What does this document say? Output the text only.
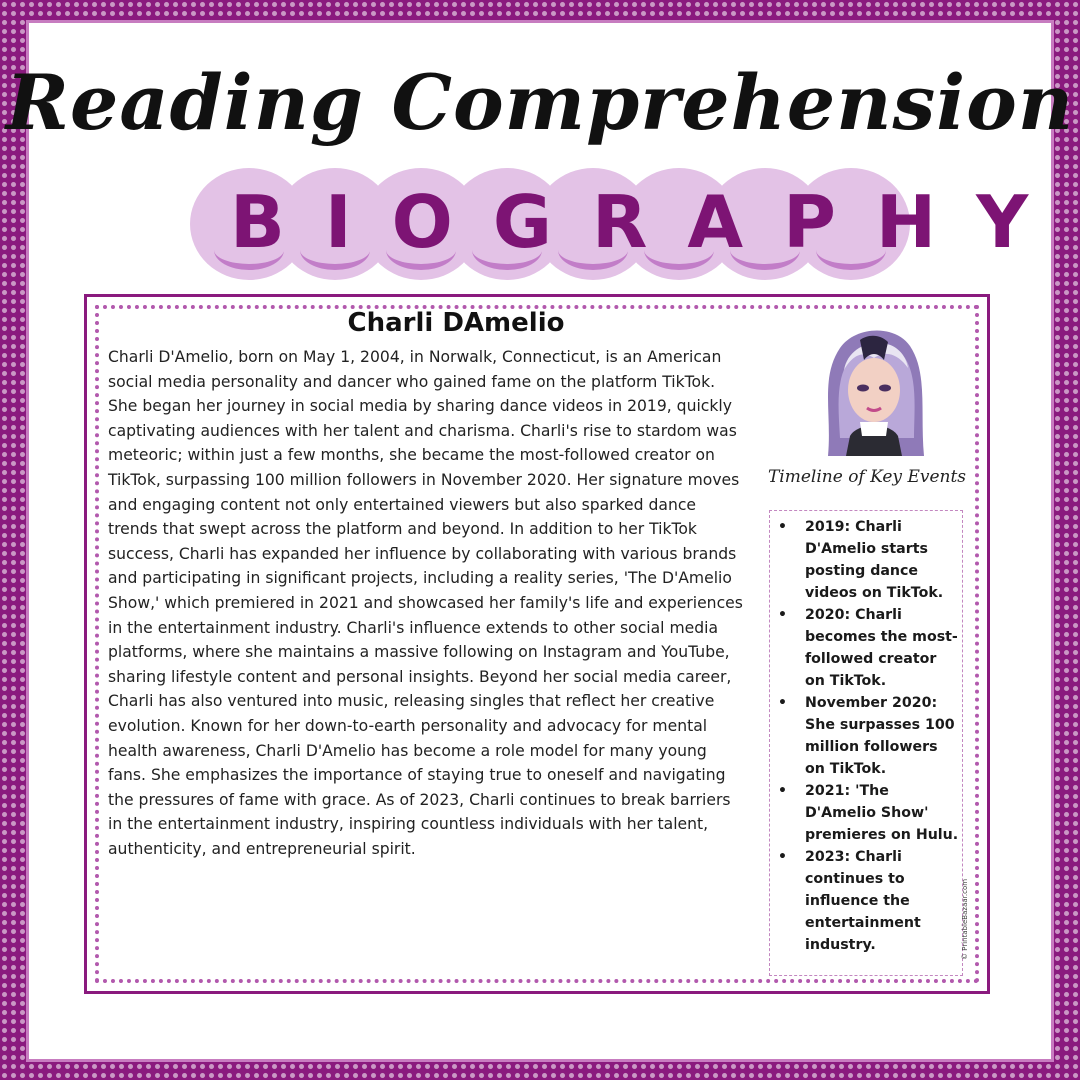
Reading Comprehension
BIOGRAPHY
Charli DAmelio

Charli D'Amelio, born on May 1, 2004, in Norwalk, Connecticut, is an American social media personality and dancer who gained fame on the platform TikTok. She began her journey in social media by sharing dance videos in 2019, quickly captivating audiences with her talent and charisma. Charli's rise to stardom was meteoric; within just a few months, she became the most-followed creator on TikTok, surpassing 100 million followers in November 2020. Her signature moves and engaging content not only entertained viewers but also sparked dance trends that swept across the platform and beyond. In addition to her TikTok success, Charli has expanded her influence by collaborating with various brands and participating in significant projects, including a reality series, 'The D'Amelio Show,' which premiered in 2021 and showcased her family's life and experiences in the entertainment industry. Charli's influence extends to other social media platforms, where she maintains a massive following on Instagram and YouTube, sharing lifestyle content and personal insights. Beyond her social media career, Charli has also ventured into music, releasing singles that reflect her creative evolution. Known for her down-to-earth personality and advocacy for mental health awareness, Charli D'Amelio has become a role model for many young fans. She emphasizes the importance of staying true to oneself and navigating the pressures of fame with grace. As of 2023, Charli continues to break barriers in the entertainment industry, inspiring countless individuals with her talent, authenticity, and entrepreneurial spirit.

Timeline of Key Events

• 2019: Charli D'Amelio starts posting dance videos on TikTok.
• 2020: Charli becomes the most-followed creator on TikTok.
• November 2020: She surpasses 100 million followers on TikTok.
• 2021: 'The D'Amelio Show' premieres on Hulu.
• 2023: Charli continues to influence the entertainment industry.	© PrintableBazaar.com
